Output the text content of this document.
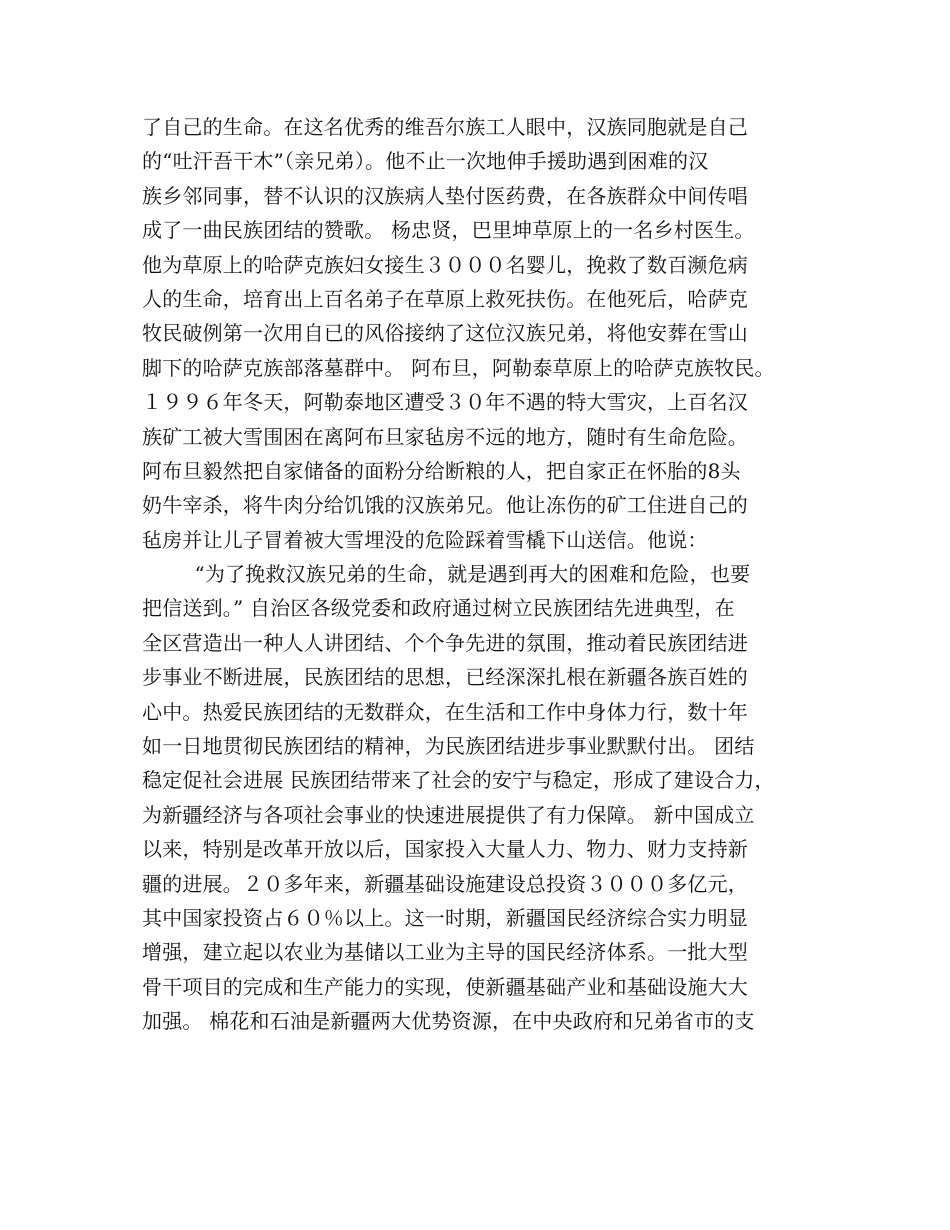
了自己的生命。在这名优秀的维吾尔族工人眼中，汉族同胞就是自己
的“吐汗吾干木”（亲兄弟）。他不止一次地伸手援助遇到困难的汉
族乡邻同事，替不认识的汉族病人垫付医药费，在各族群众中间传唱
成了一曲民族团结的赞歌。 杨忠贤，巴里坤草原上的一名乡村医生。
他为草原上的哈萨克族妇女接生３０００名婴儿，挽救了数百濒危病
人的生命，培育出上百名弟子在草原上救死扶伤。在他死后，哈萨克
牧民破例第一次用自已的风俗接纳了这位汉族兄弟，将他安葬在雪山
脚下的哈萨克族部落墓群中。 阿布旦，阿勒泰草原上的哈萨克族牧民。
１９９６年冬天，阿勒泰地区遭受３０年不遇的特大雪灾，上百名汉
族矿工被大雪围困在离阿布旦家毡房不远的地方，随时有生命危险。
阿布旦毅然把自家储备的面粉分给断粮的人，把自家正在怀胎的8头
奶牛宰杀，将牛肉分给饥饿的汉族弟兄。他让冻伤的矿工住进自己的
毡房并让儿子冒着被大雪埋没的危险踩着雪橇下山送信。他说：
“为了挽救汉族兄弟的生命，就是遇到再大的困难和危险，也要
把信送到。” 自治区各级党委和政府通过树立民族团结先进典型，在
全区营造出一种人人讲团结、个个争先进的氛围，推动着民族团结进
步事业不断进展，民族团结的思想，已经深深扎根在新疆各族百姓的
心中。热爱民族团结的无数群众，在生活和工作中身体力行，数十年
如一日地贯彻民族团结的精神，为民族团结进步事业默默付出。 团结
稳定促社会进展 民族团结带来了社会的安宁与稳定，形成了建设合力，
为新疆经济与各项社会事业的快速进展提供了有力保障。 新中国成立
以来，特别是改革开放以后，国家投入大量人力、物力、财力支持新
疆的进展。２０多年来，新疆基础设施建设总投资３０００多亿元，
其中国家投资占６０％以上。这一时期，新疆国民经济综合实力明显
增强，建立起以农业为基储以工业为主导的国民经济体系。一批大型
骨干项目的完成和生产能力的实现，使新疆基础产业和基础设施大大
加强。 棉花和石油是新疆两大优势资源，在中央政府和兄弟省市的支
